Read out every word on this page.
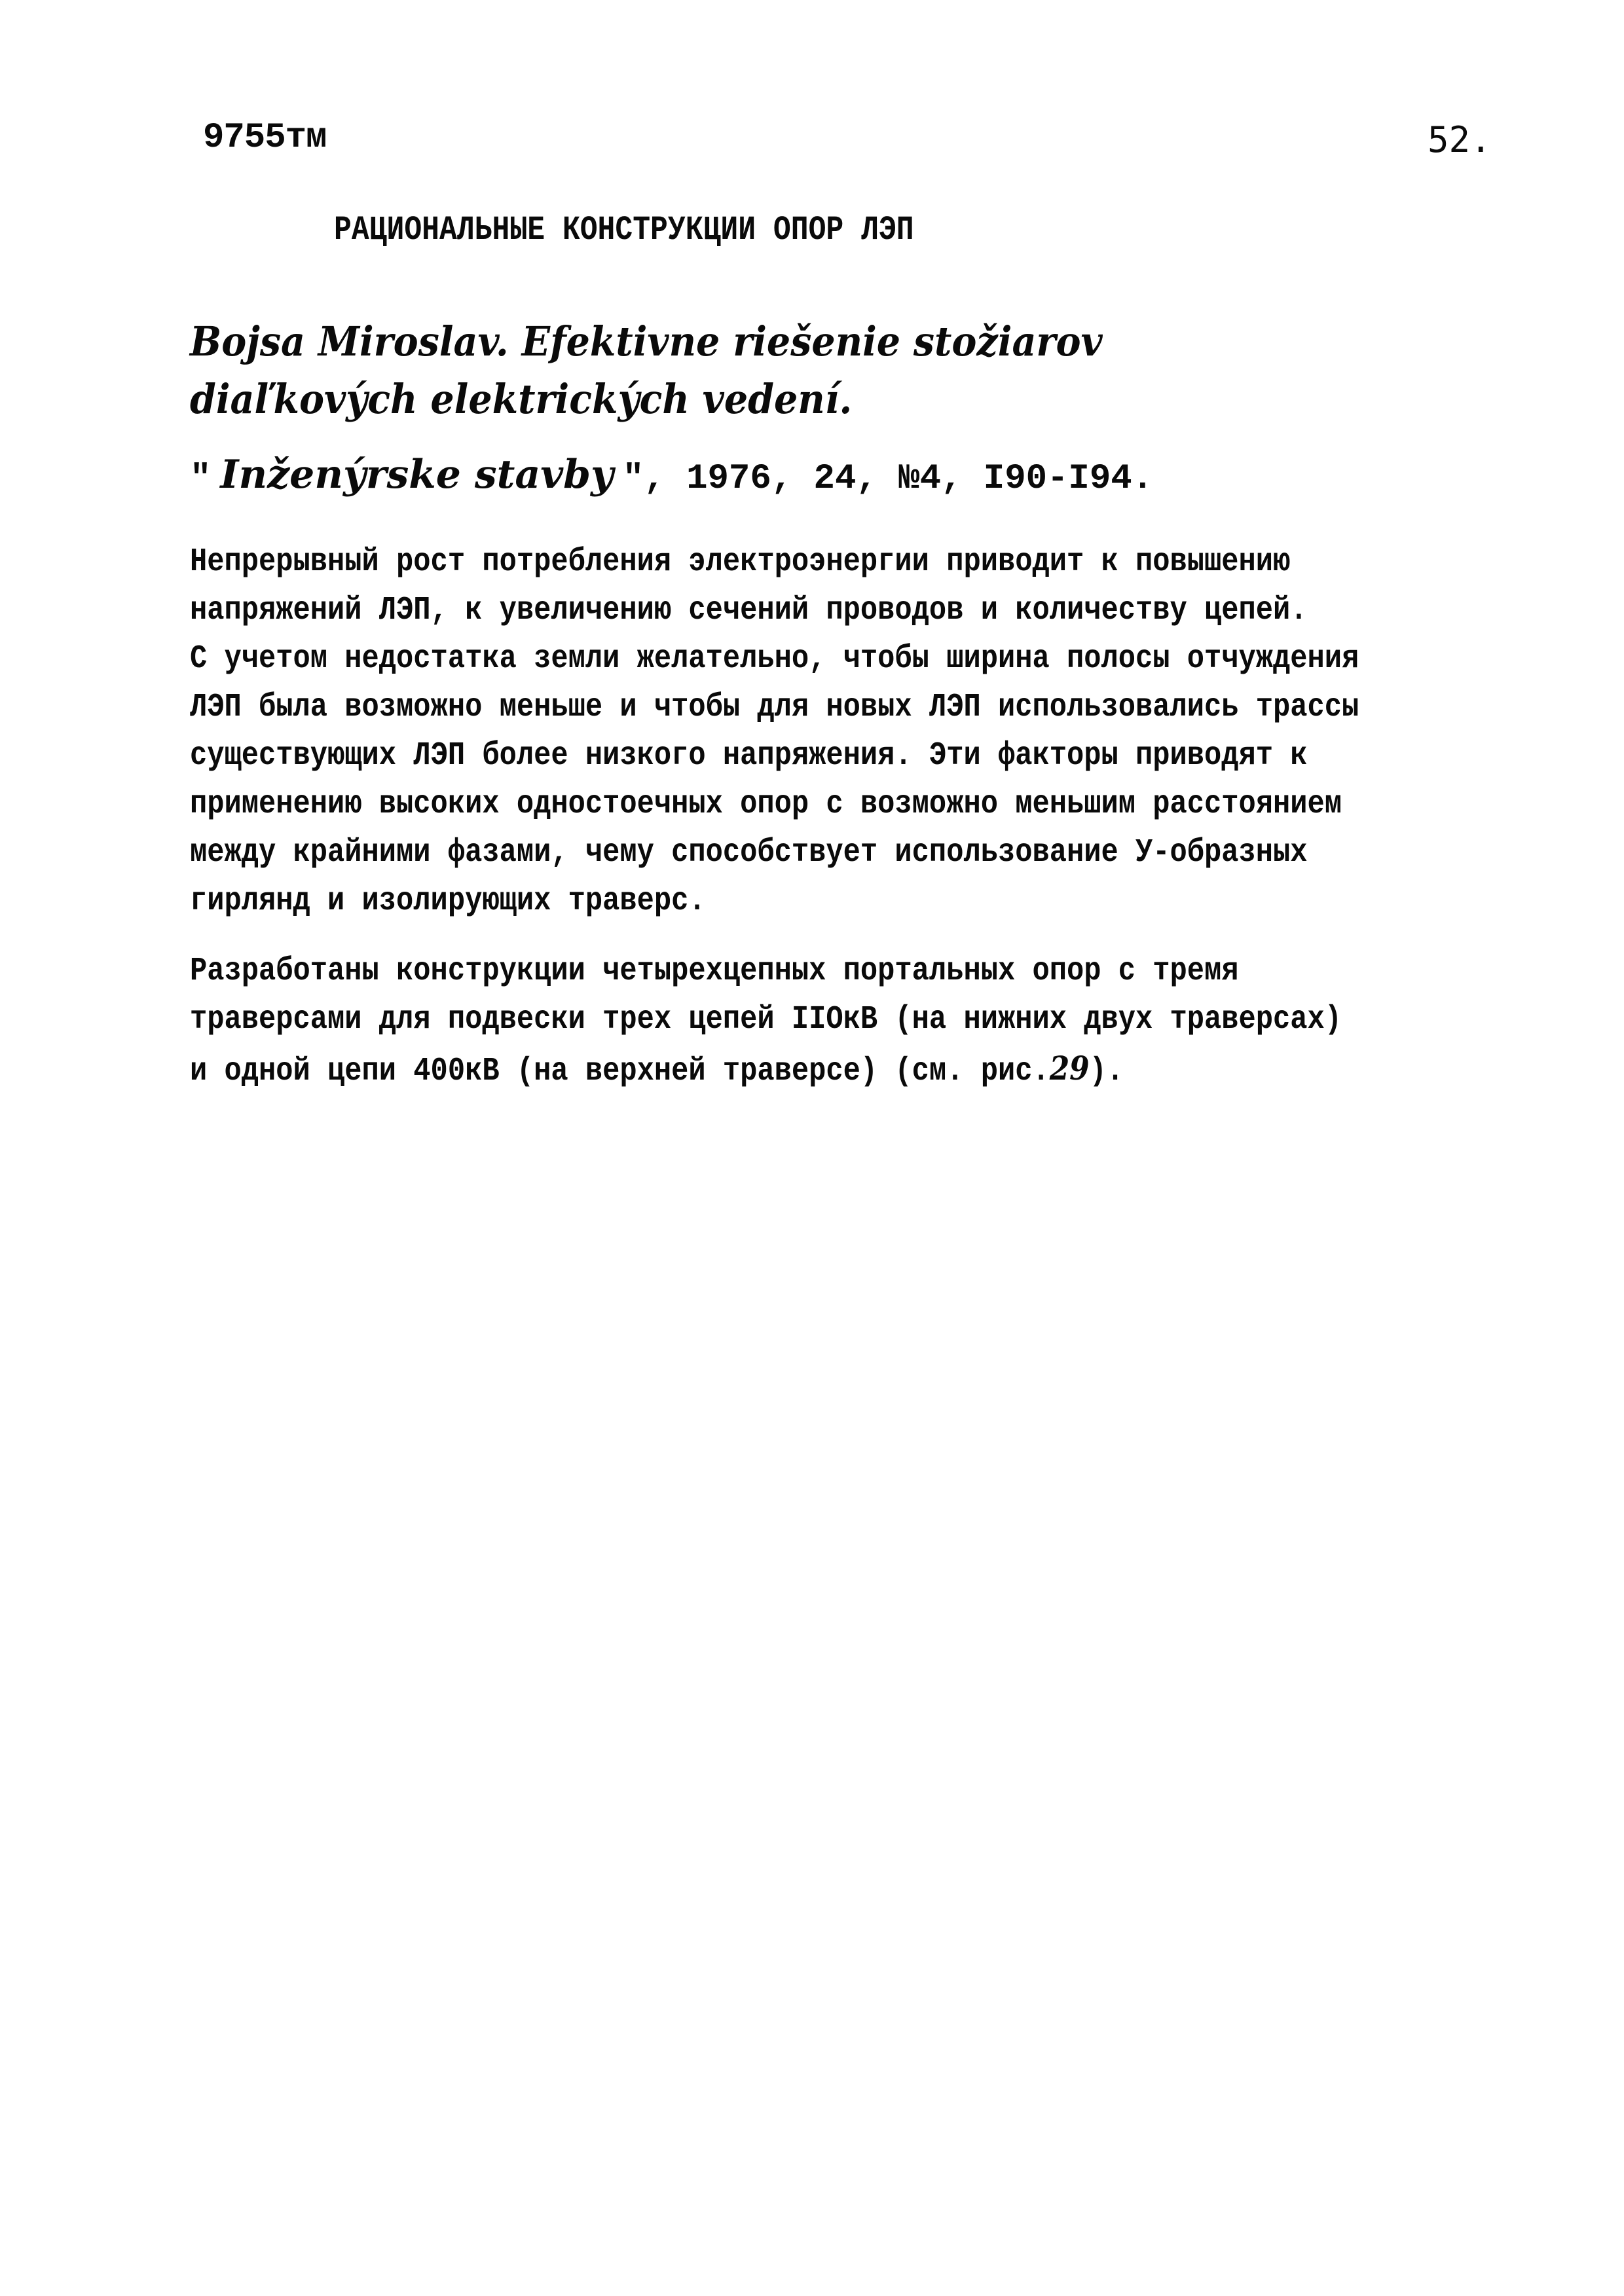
9755тм	52.
РАЦИОНАЛЬНЫЕ КОНСТРУКЦИИ ОПОР ЛЭП
Bojsa Miroslav. Efektivne riešenie stožiarov
diaľkových elektrických vedení.
" Inženýrske stavby ", 1976, 24, №4, I90-I94.
Непрерывный рост потребления электроэнергии приводит к повышению
напряжений ЛЭП, к увеличению сечений проводов и количеству цепей.
С учетом недостатка земли желательно, чтобы ширина полосы отчуждения
ЛЭП была возможно меньше и чтобы для новых ЛЭП использовались трассы
существующих ЛЭП более низкого напряжения. Эти факторы приводят к
применению высоких одностоечных опор с возможно меньшим расстоянием
между крайними фазами, чему способствует использование У-образных
гирлянд и изолирующих траверс.
Разработаны конструкции четырехцепных портальных опор с тремя
траверсами для подвески трех цепей IIOкВ (на нижних двух траверсах)
и одной цепи 400кВ (на верхней траверсе) (см. рис.29).
